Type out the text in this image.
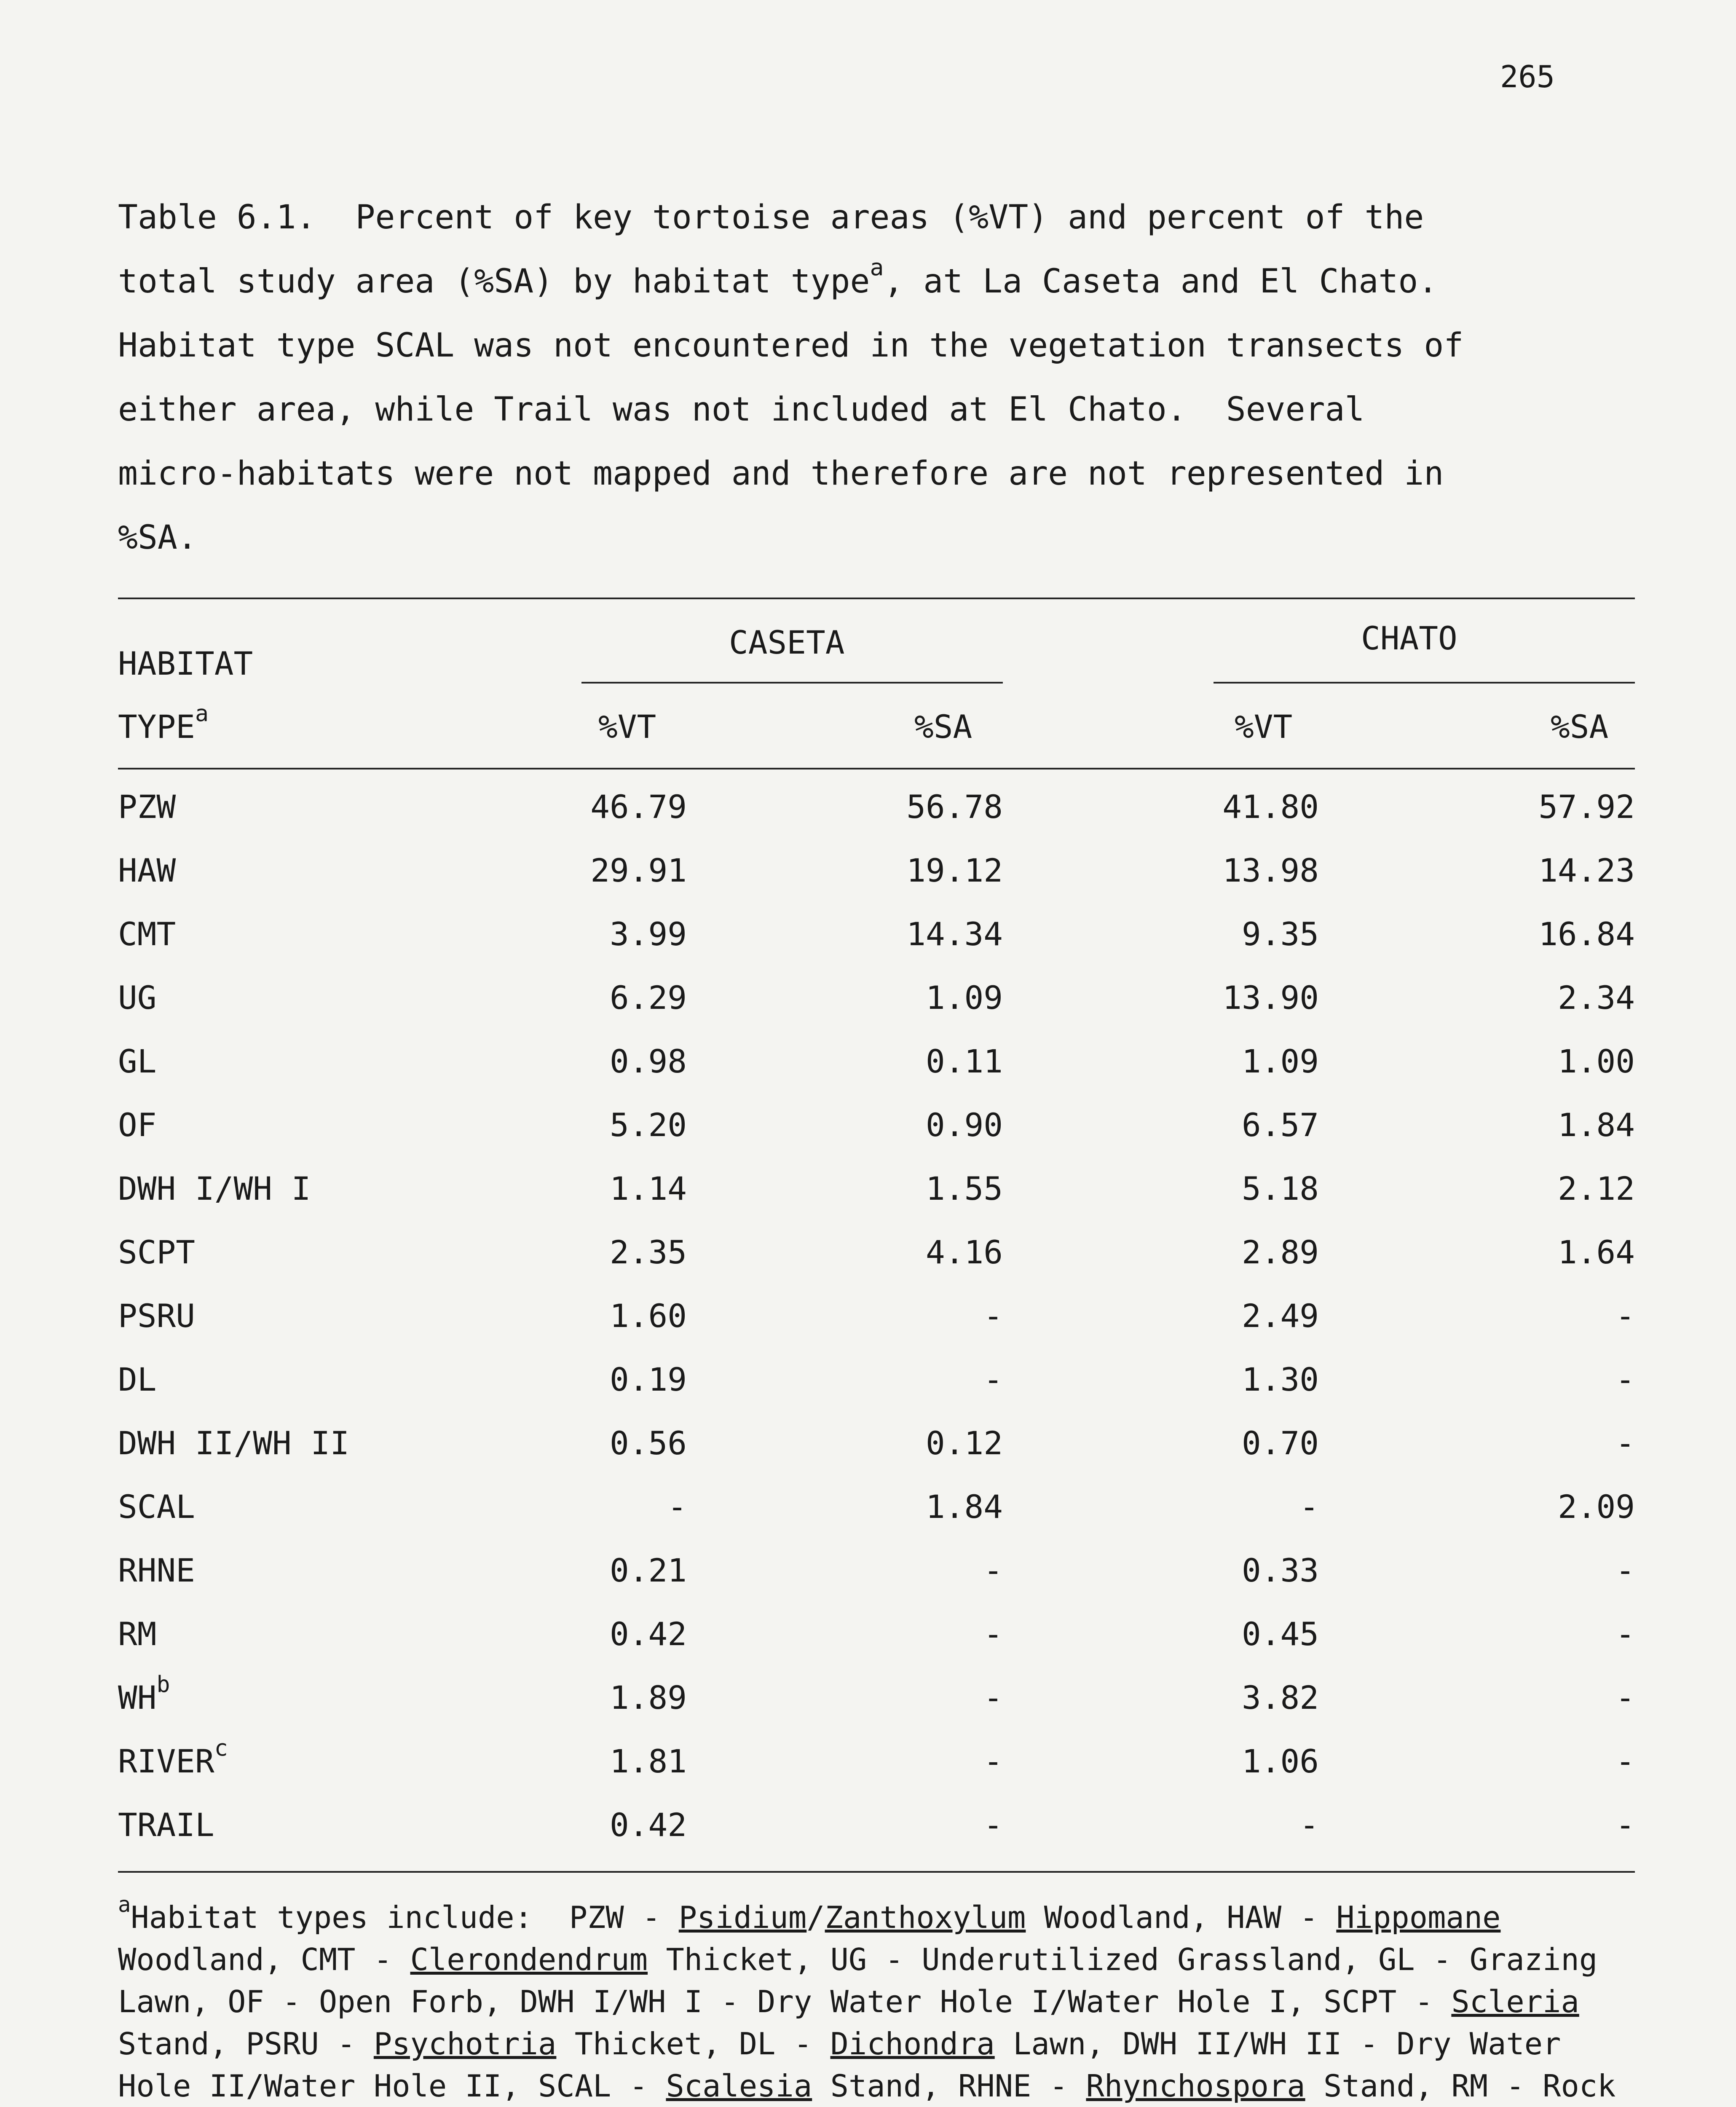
265
Table 6.1.  Percent of key tortoise areas (%VT) and percent of the
total study area (%SA) by habitat type$^a$, at La Caseta and El Chato.
Habitat type SCAL was not encountered in the vegetation transects of
either area, while Trail was not included at El Chato.  Several
micro-habitats were not mapped and therefore are not represented in
%SA.
HABITAT
TYPE$^a$
CASETA	CHATO
%VT	%SA	%VT	%SA
PZW	46.79	56.78	41.80	57.92
HAW	29.91	19.12	13.98	14.23
CMT	3.99	14.34	9.35	16.84
UG	6.29	1.09	13.90	2.34
GL	0.98	0.11	1.09	1.00
OF	5.20	0.90	6.57	1.84
DWH I/WH I	1.14	1.55	5.18	2.12
SCPT	2.35	4.16	2.89	1.64
PSRU	1.60	-	2.49	-
DL	0.19	-	1.30	-
DWH II/WH II	0.56	0.12	0.70	-
SCAL	-	1.84	-	2.09
RHNE	0.21	-	0.33	-
RM	0.42	-	0.45	-
$WH^b$	1.89	-	3.82	-
RIVER$^c$	1.81	-	1.06	-
TRAIL	0.42	-	-	-
$^a$Habitat types include:  PZW - Psidium/Zanthoxylum Woodland, HAW - Hippomane Woodland, CMT - Clerondendrum Thicket, UG - Underutilized Grassland, GL - Grazing Lawn, OF - Open Forb, DWH I/WH I - Dry Water Hole I/Water Hole I, SCPT - Scleria Stand, PSRU - Psychotria Thicket, DL - Dichondra Lawn, DWH II/WH II - Dry Water Hole II/Water Hole II, SCAL - Scalesia Stand, RHNE - Rhynchospora Stand, RM - Rock
